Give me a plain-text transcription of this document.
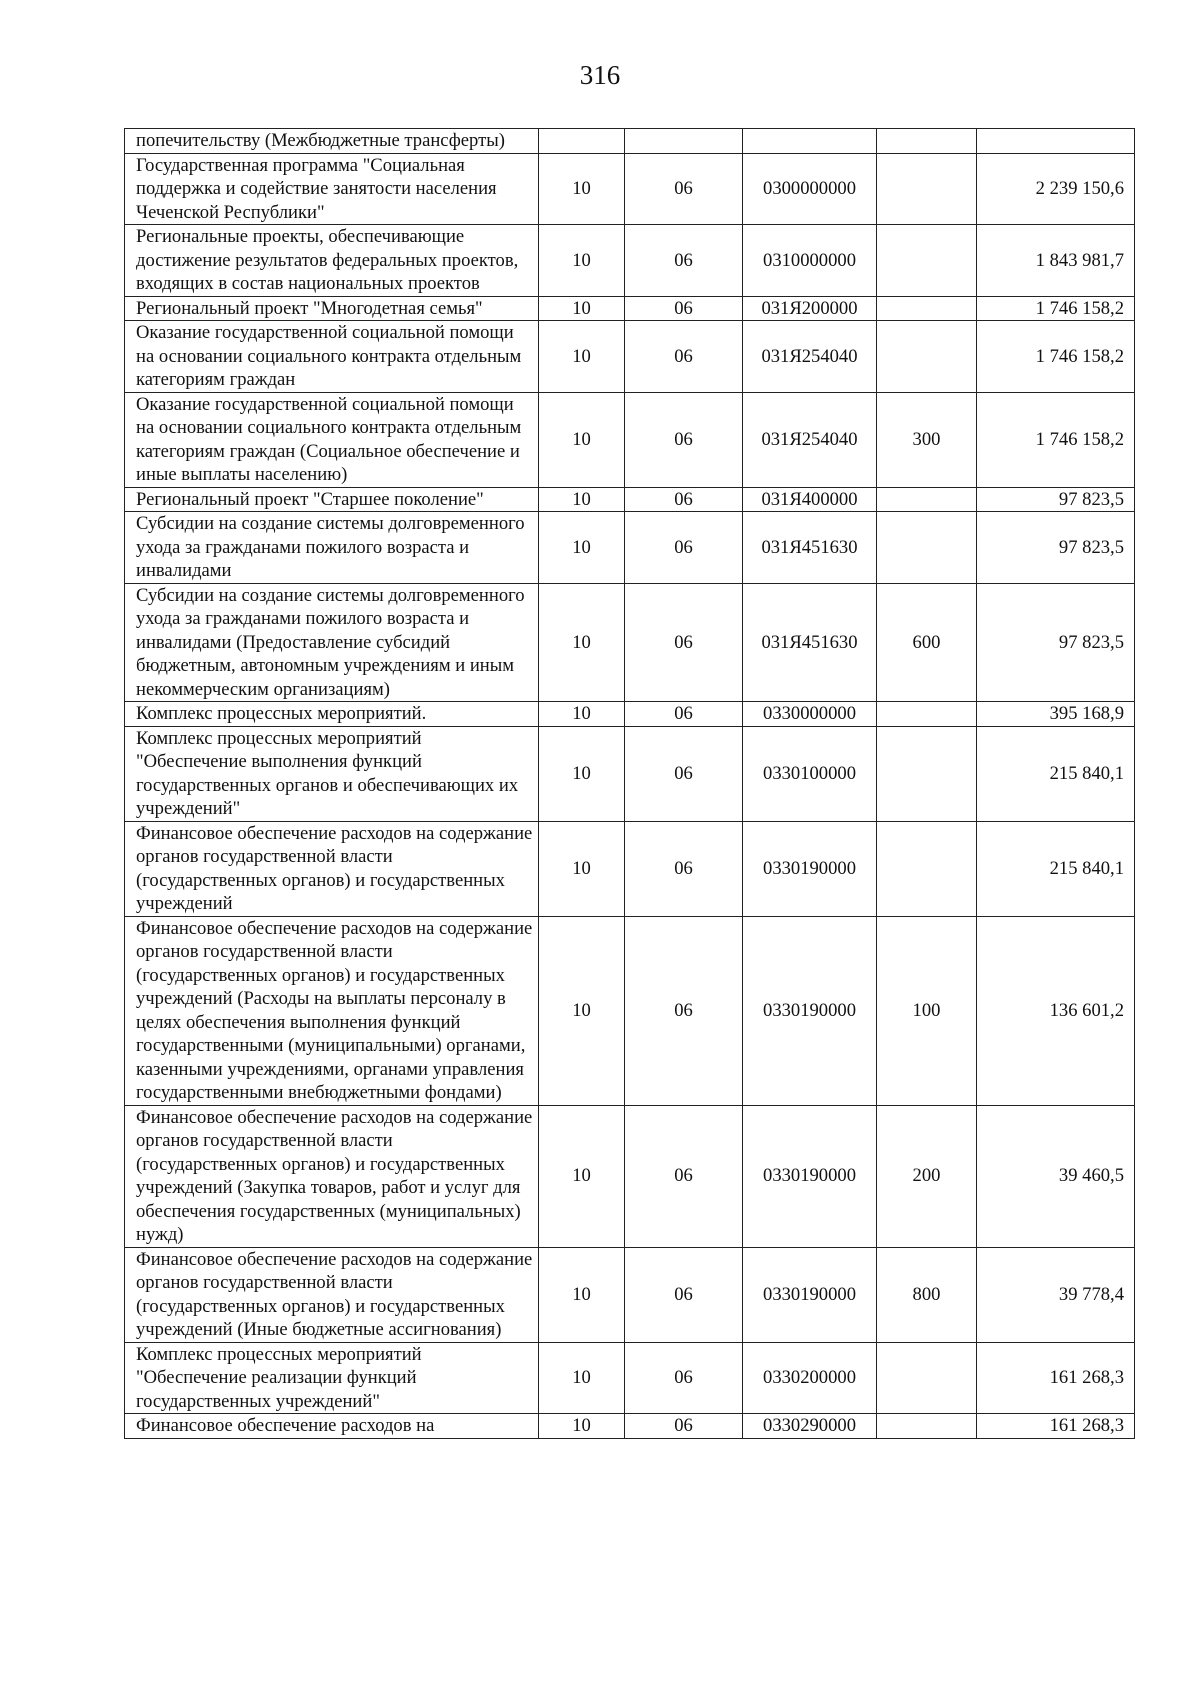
316
попечительству (Межбюджетные трансферты)					
Государственная программа "Социальная поддержка и содействие занятости населения Чеченской Республики"	10	06	0300000000		2 239 150,6
Региональные проекты, обеспечивающие достижение результатов федеральных проектов, входящих в состав национальных проектов	10	06	0310000000		1 843 981,7
Региональный проект "Многодетная семья"	10	06	031Я200000		1 746 158,2
Оказание государственной социальной помощи на основании социального контракта отдельным категориям граждан	10	06	031Я254040		1 746 158,2
Оказание государственной социальной помощи на основании социального контракта отдельным категориям граждан (Социальное обеспечение и иные выплаты населению)	10	06	031Я254040	300	1 746 158,2
Региональный проект "Старшее поколение"	10	06	031Я400000		97 823,5
Субсидии на создание системы долговременного ухода за гражданами пожилого возраста и инвалидами	10	06	031Я451630		97 823,5
Субсидии на создание системы долговременного ухода за гражданами пожилого возраста и инвалидами (Предоставление субсидий бюджетным, автономным учреждениям и иным некоммерческим организациям)	10	06	031Я451630	600	97 823,5
Комплекс процессных мероприятий.	10	06	0330000000		395 168,9
Комплекс процессных мероприятий "Обеспечение выполнения функций государственных органов и обеспечивающих их учреждений"	10	06	0330100000		215 840,1
Финансовое обеспечение расходов на содержание органов государственной власти (государственных органов) и государственных учреждений	10	06	0330190000		215 840,1
Финансовое обеспечение расходов на содержание органов государственной власти (государственных органов) и государственных учреждений (Расходы на выплаты персоналу в целях обеспечения выполнения функций государственными (муниципальными) органами, казенными учреждениями, органами управления государственными внебюджетными фондами)	10	06	0330190000	100	136 601,2
Финансовое обеспечение расходов на содержание органов государственной власти (государственных органов) и государственных учреждений (Закупка товаров, работ и услуг для обеспечения государственных (муниципальных) нужд)	10	06	0330190000	200	39 460,5
Финансовое обеспечение расходов на содержание органов государственной власти (государственных органов) и государственных учреждений (Иные бюджетные ассигнования)	10	06	0330190000	800	39 778,4
Комплекс процессных мероприятий "Обеспечение реализации функций государственных учреждений"	10	06	0330200000		161 268,3
Финансовое обеспечение расходов на	10	06	0330290000		161 268,3
